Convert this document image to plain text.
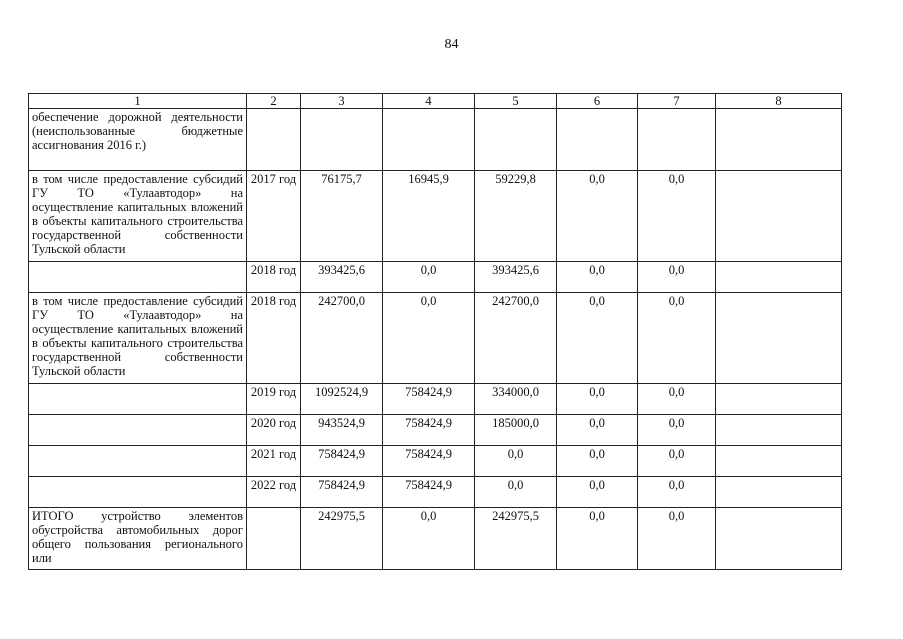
84
1	2	3	4	5	6	7	8
обеспечение дорожной деятельности (неиспользованные бюджетные ассигнования 2016 г.)							
в том числе предоставление субсидий ГУ ТО «Тулаавтодор» на осуществление капитальных вложений в объекты капитального строительства государственной собственности Тульской области	2017 год	76175,7	16945,9	59229,8	0,0	0,0	
	2018 год	393425,6	0,0	393425,6	0,0	0,0	
в том числе предоставление субсидий ГУ ТО «Тулаавтодор» на осуществление капитальных вложений в объекты капитального строительства государственной собственности Тульской области	2018 год	242700,0	0,0	242700,0	0,0	0,0	
	2019 год	1092524,9	758424,9	334000,0	0,0	0,0	
	2020 год	943524,9	758424,9	185000,0	0,0	0,0	
	2021 год	758424,9	758424,9	0,0	0,0	0,0	
	2022 год	758424,9	758424,9	0,0	0,0	0,0	
ИТОГО устройство элементов обустройства автомобильных дорог общего пользования регионального или		242975,5	0,0	242975,5	0,0	0,0	
